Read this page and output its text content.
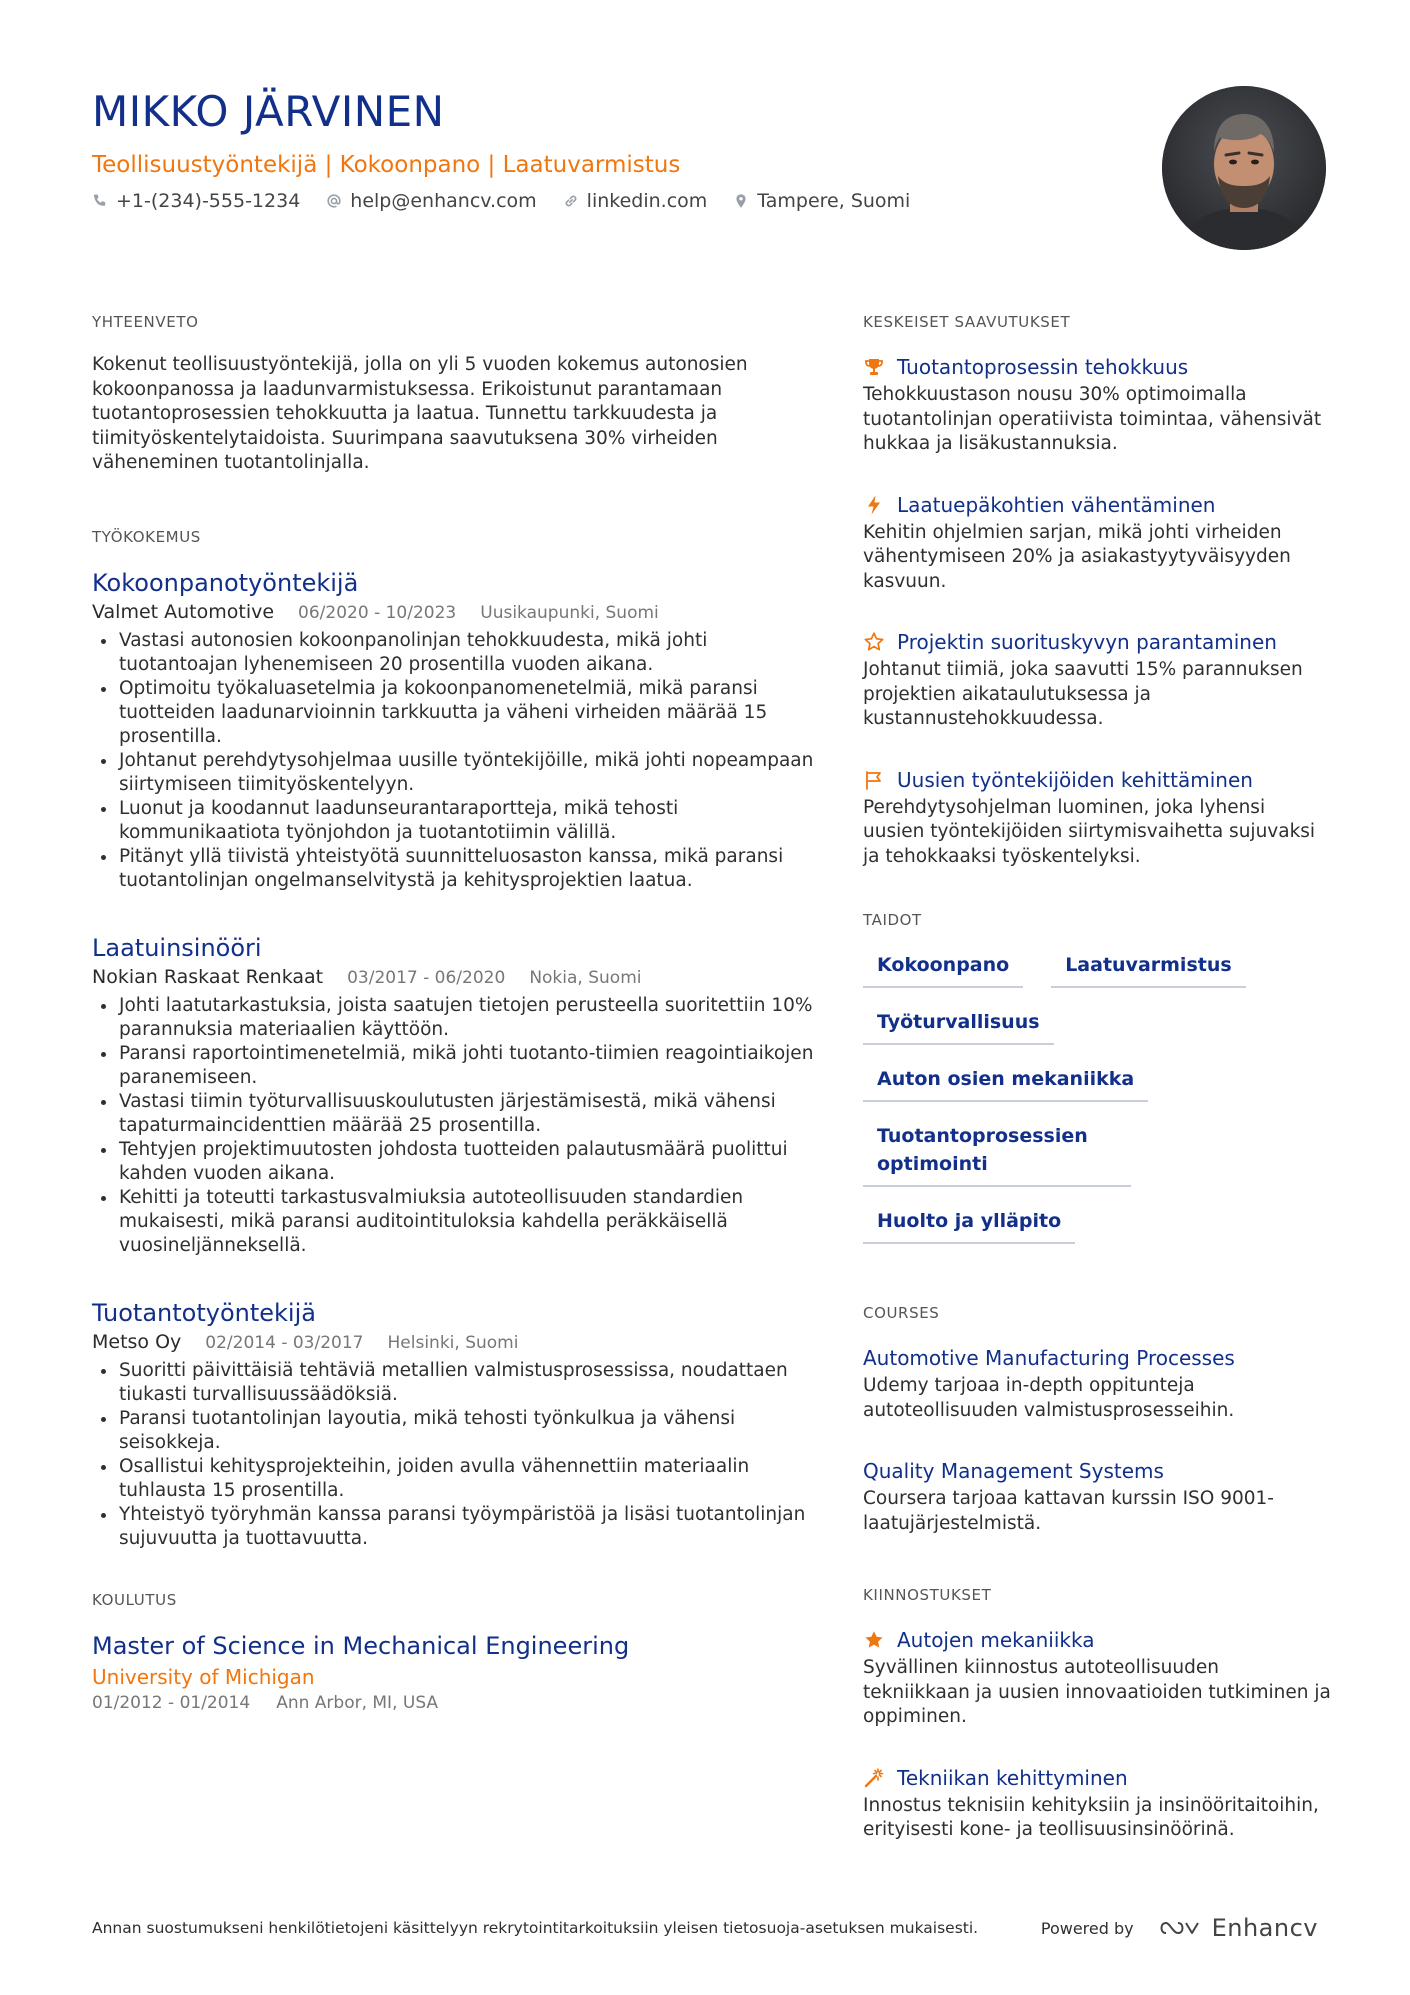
MIKKO JÄRVINEN
Teollisuustyöntekijä | Kokoonpano | Laatuvarmistus
+1-(234)-555-1234	help@enhancv.com	linkedin.com	Tampere, Suomi
YHTEENVETO

Kokenut teollisuustyöntekijä, jolla on yli 5 vuoden kokemus autonosien kokoonpanossa ja laadunvarmistuksessa. Erikoistunut parantamaan tuotantoprosessien tehokkuutta ja laatua. Tunnettu tarkkuudesta ja tiimityöskentelytaidoista. Suurimpana saavutuksena 30% virheiden väheneminen tuotantolinjalla.

TYÖKOKEMUS
Kokoonpanotyöntekijä
Valmet Automotive 06/2020 - 10/2023 Uusikaupunki, Suomi
Vastasi autonosien kokoonpanolinjan tehokkuudesta, mikä johti tuotantoajan lyhenemiseen 20 prosentilla vuoden aikana.
Optimoitu työkaluasetelmia ja kokoonpanomenetelmiä, mikä paransi tuotteiden laadunarvioinnin tarkkuutta ja väheni virheiden määrää 15 prosentilla.
Johtanut perehdytysohjelmaa uusille työntekijöille, mikä johti nopeampaan siirtymiseen tiimityöskentelyyn.
Luonut ja koodannut laadunseurantaraportteja, mikä tehosti kommunikaatiota työnjohdon ja tuotantotiimin välillä.
Pitänyt yllä tiivistä yhteistyötä suunnitteluosaston kanssa, mikä paransi tuotantolinjan ongelmanselvitystä ja kehitysprojektien laatua.
Laatuinsinööri
Nokian Raskaat Renkaat 03/2017 - 06/2020 Nokia, Suomi
Johti laatutarkastuksia, joista saatujen tietojen perusteella suoritettiin 10% parannuksia materiaalien käyttöön.
Paransi raportointimenetelmiä, mikä johti tuotanto-tiimien reagointiaikojen paranemiseen.
Vastasi tiimin työturvallisuuskoulutusten järjestämisestä, mikä vähensi tapaturmaincidenttien määrää 25 prosentilla.
Tehtyjen projektimuutosten johdosta tuotteiden palautusmäärä puolittui kahden vuoden aikana.
Kehitti ja toteutti tarkastusvalmiuksia autoteollisuuden standardien mukaisesti, mikä paransi auditointituloksia kahdella peräkkäisellä vuosineljänneksellä.
Tuotantotyöntekijä
Metso Oy 02/2014 - 03/2017 Helsinki, Suomi
Suoritti päivittäisiä tehtäviä metallien valmistusprosessissa, noudattaen tiukasti turvallisuussäädöksiä.
Paransi tuotantolinjan layoutia, mikä tehosti työnkulkua ja vähensi seisokkeja.
Osallistui kehitysprojekteihin, joiden avulla vähennettiin materiaalin tuhlausta 15 prosentilla.
Yhteistyö työryhmän kanssa paransi työympäristöä ja lisäsi tuotantolinjan sujuvuutta ja tuottavuutta.
KOULUTUS
Master of Science in Mechanical Engineering
University of Michigan
01/2012 - 01/2014 Ann Arbor, MI, USA
KESKEISET SAAVUTUKSET
Tuotantoprosessin tehokkuus

Tehokkuustason nousu 30% optimoimalla tuotantolinjan operatiivista toimintaa, vähensivät hukkaa ja lisäkustannuksia.

Laatuepäkohtien vähentäminen

Kehitin ohjelmien sarjan, mikä johti virheiden vähentymiseen 20% ja asiakastyytyväisyyden kasvuun.

Projektin suorituskyvyn parantaminen

Johtanut tiimiä, joka saavutti 15% parannuksen projektien aikataulutuksessa ja kustannustehokkuudessa.

Uusien työntekijöiden kehittäminen

Perehdytysohjelman luominen, joka lyhensi uusien työntekijöiden siirtymisvaihetta sujuvaksi ja tehokkaaksi työskentelyksi.

TAIDOT
Kokoonpano	Laatuvarmistus
Työturvallisuus
Auton osien mekaniikka
Tuotantoprosessien optimointi
Huolto ja ylläpito
COURSES
Automotive Manufacturing Processes

Udemy tarjoaa in-depth oppitunteja autoteollisuuden valmistusprosesseihin.

Quality Management Systems

Coursera tarjoaa kattavan kurssin ISO 9001-laatujärjestelmistä.

KIINNOSTUKSET
Autojen mekaniikka

Syvällinen kiinnostus autoteollisuuden tekniikkaan ja uusien innovaatioiden tutkiminen ja oppiminen.

Tekniikan kehittyminen

Innostus teknisiin kehityksiin ja insinööritaitoihin, erityisesti kone- ja teollisuusinsinöörinä.

Annan suostumukseni henkilötietojeni käsittelyyn rekrytointitarkoituksiin yleisen tietosuoja-asetuksen mukaisesti.	Powered by	Enhancv
